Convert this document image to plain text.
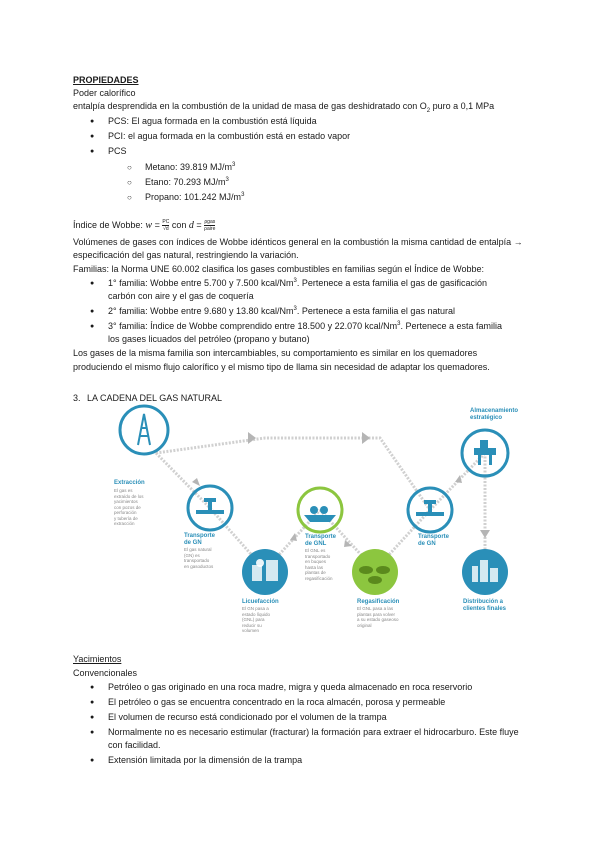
PROPIEDADES
Poder calorífico
entalpía desprendida en la combustión de la unidad de masa de gas deshidratado con $O_2$ puro a 0,1 MPa
● PCS: El agua formada en la combustión está líquida
● PCI: el agua formada en la combustión está en estado vapor
● PCS
○ Metano: 39.819 $MJ/m^3$
○ Etano: 70.293 $MJ/m^3$
○ Propano: 101.242 $MJ/m^3$
Índice de Wobbe: $w = \frac{PC}{√d}$ con d = ρgas
ρaire
Volúmenes de gases con índices de Wobbe idénticos general en la combustión la misma cantidad de entalpía →
especificación del gas natural, restringiendo la variación.
Familias: la Norma UNE 60.002 clasifica los gases combustibles en familias según el Índice de Wobbe:
● 1° familia: Wobbe entre 5.700 y 7.500 kcal/Nm$^3$. Pertenece a esta familia el gas de gasificación
carbón con aire y el gas de coquería
● 2° familia: Wobbe entre 9.680 y 13.80 kcal/Nm$^3$. Pertenece a esta familia el gas natural
● 3° familia: Índice de Wobbe comprendido entre 18.500 y 22.070 kcal/Nm$^3$. Pertenece a esta familia
los gases licuados del petróleo (propano y butano)
Los gases de la misma familia son intercambiables, su comportamiento es similar en los quemadores
produciendo el mismo flujo calorífico y el mismo tipo de llama sin necesidad de adaptar los quemadores.
3. LA CADENA DEL GAS NATURAL
Extracción
El gas es
extraído de los
yacimientos
con pozos de
perforación
y tubería de
extracción
Transporte
de GN
El gas natural
(GN) es
transportado
en gasoductos
Licuefacción
El GN pasa a
estado líquido
(GNL) para
reducir su
volumen
Transporte
de GNL
El GNL es
transportado
en buques
hasta las
plantas de
regasificación
Regasificación
El GNL pasa a las
plantas para volver
a su estado gaseoso
original
Transporte
de GN
Almacenamiento
estratégico
Distribución a
clientes finales
Yacimientos
Convencionales
● Petróleo o gas originado en una roca madre, migra y queda almacenado en roca reservorio
● El petróleo o gas se encuentra concentrado en la roca almacén, porosa y permeable
● El volumen de recurso está condicionado por el volumen de la trampa
● Normalmente no es necesario estimular (fracturar) la formación para extraer el hidrocarburo. Este fluye
con facilidad.
● Extensión limitada por la dimensión de la trampa
